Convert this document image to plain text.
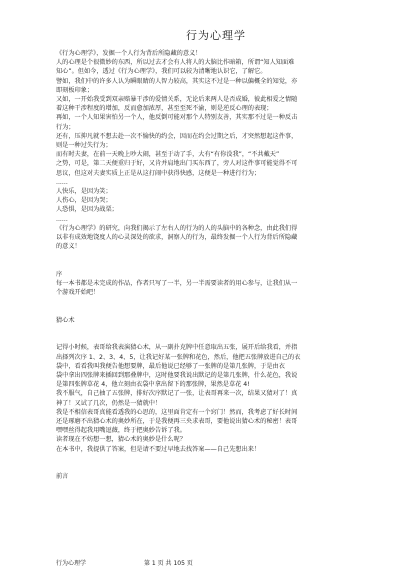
行为心理学

《行为心理学》，发掘一个人行为背后所隐藏的意义！

人的心理是个很微妙的东西，所以过去才会有人将人的大脑比作暗箱，所谓“知人知面难

知心”。但如今，透过《行为心理学》，我们可以较为清晰地认识它，了解它。

譬如，我们中的许多人认为瞬眼睛的人智力较高，其实这不过是一种以偏概全的知觉，亦

即刻板印象；

又如，一开始我受到双亲赔暴干涉的爱情关系，无论后来两人是否成婚，彼此相爱之情随

着这种干涉程度的增加，反而愈加浓厚，甚至至死不渝，则是逆反心理的表现；

再如，一个人知果害怕另一个人，他反倒可能对那个人特别友善，其实那不过是一种反击

行为；

还有，压抑凡就不想去赴一次不愉快的约会，因而在约会过期之后，才突然想起这件事，

则是一种过失行为；

而有时夫妻，在前一天晚上吵大闹，甚至于动了手，大有“有你没我”，“不共戴天”

之势，可是，第二天便重归于好，又肯并肩地出门买东西了，旁人对这件事可能觉得不可

思议，但这对夫妻实质上正是从这打闹中获得快感，这便是一种进行行为；

......

人快乐，是因为笑；

人伤心，是因为哭；

人恐惧，是因为战栗；

......

《行为心理学》的研究，向我们揭示了左右人的行为的人的头脑中的各种念，由此我们得

以非有成效地饶度人的心灵深处的欲求，洞察人的行为，最终发掘一个人行为背后所隐藏

的意义！

序

每一本书都是未完成的作品，作者只写了一半，另一半需要读者的用心参与，让我们从一

个游戏开始吧！

猜心术

记得小时候，表哥给我表演猜心术，从一副扑克牌中任意取出五张，展开后给我看，并指

出择列次序 1、2、3、4、5，让我记好某一张牌和花色，然后，他把五张牌放进自己的衣

袋中，看看我叫我便告他想要牌，最后他说已经够了一张牌的是第几张牌，于是由衣

袋中拿出四张牌来插回到那叠牌中，这时他要我说出默记的是第几张牌，什么花色，我说

是第四张牌草花 4，他立刻由衣袋中拿出留下的那张牌，果然是草花 4!

我不服气，自己抽了五张牌，排好次序默记了一张，让表哥再来一次，结果又猜对了！真

神了！又试了几次，仍然是一猜就中！

我是不相信表哥真能看透我的心思的，这里面肯定有一个窍门！然而，我考虑了好长时间

还是琢磨不出猜心术的奥妙所在，于是我便再三央求表哥，要他说出猜心术的秘密！表哥

嘿嘿丝得起我用嘴逗薇，终于把奥妙告诉了我。

读者现在不妨想一想，猜心术的奥妙是什么呢？

在本书中，我提供了答案，但是请不要过早地去找答案——自己先想出来！

前言

行为心理学	第 1 页 共 105 页
